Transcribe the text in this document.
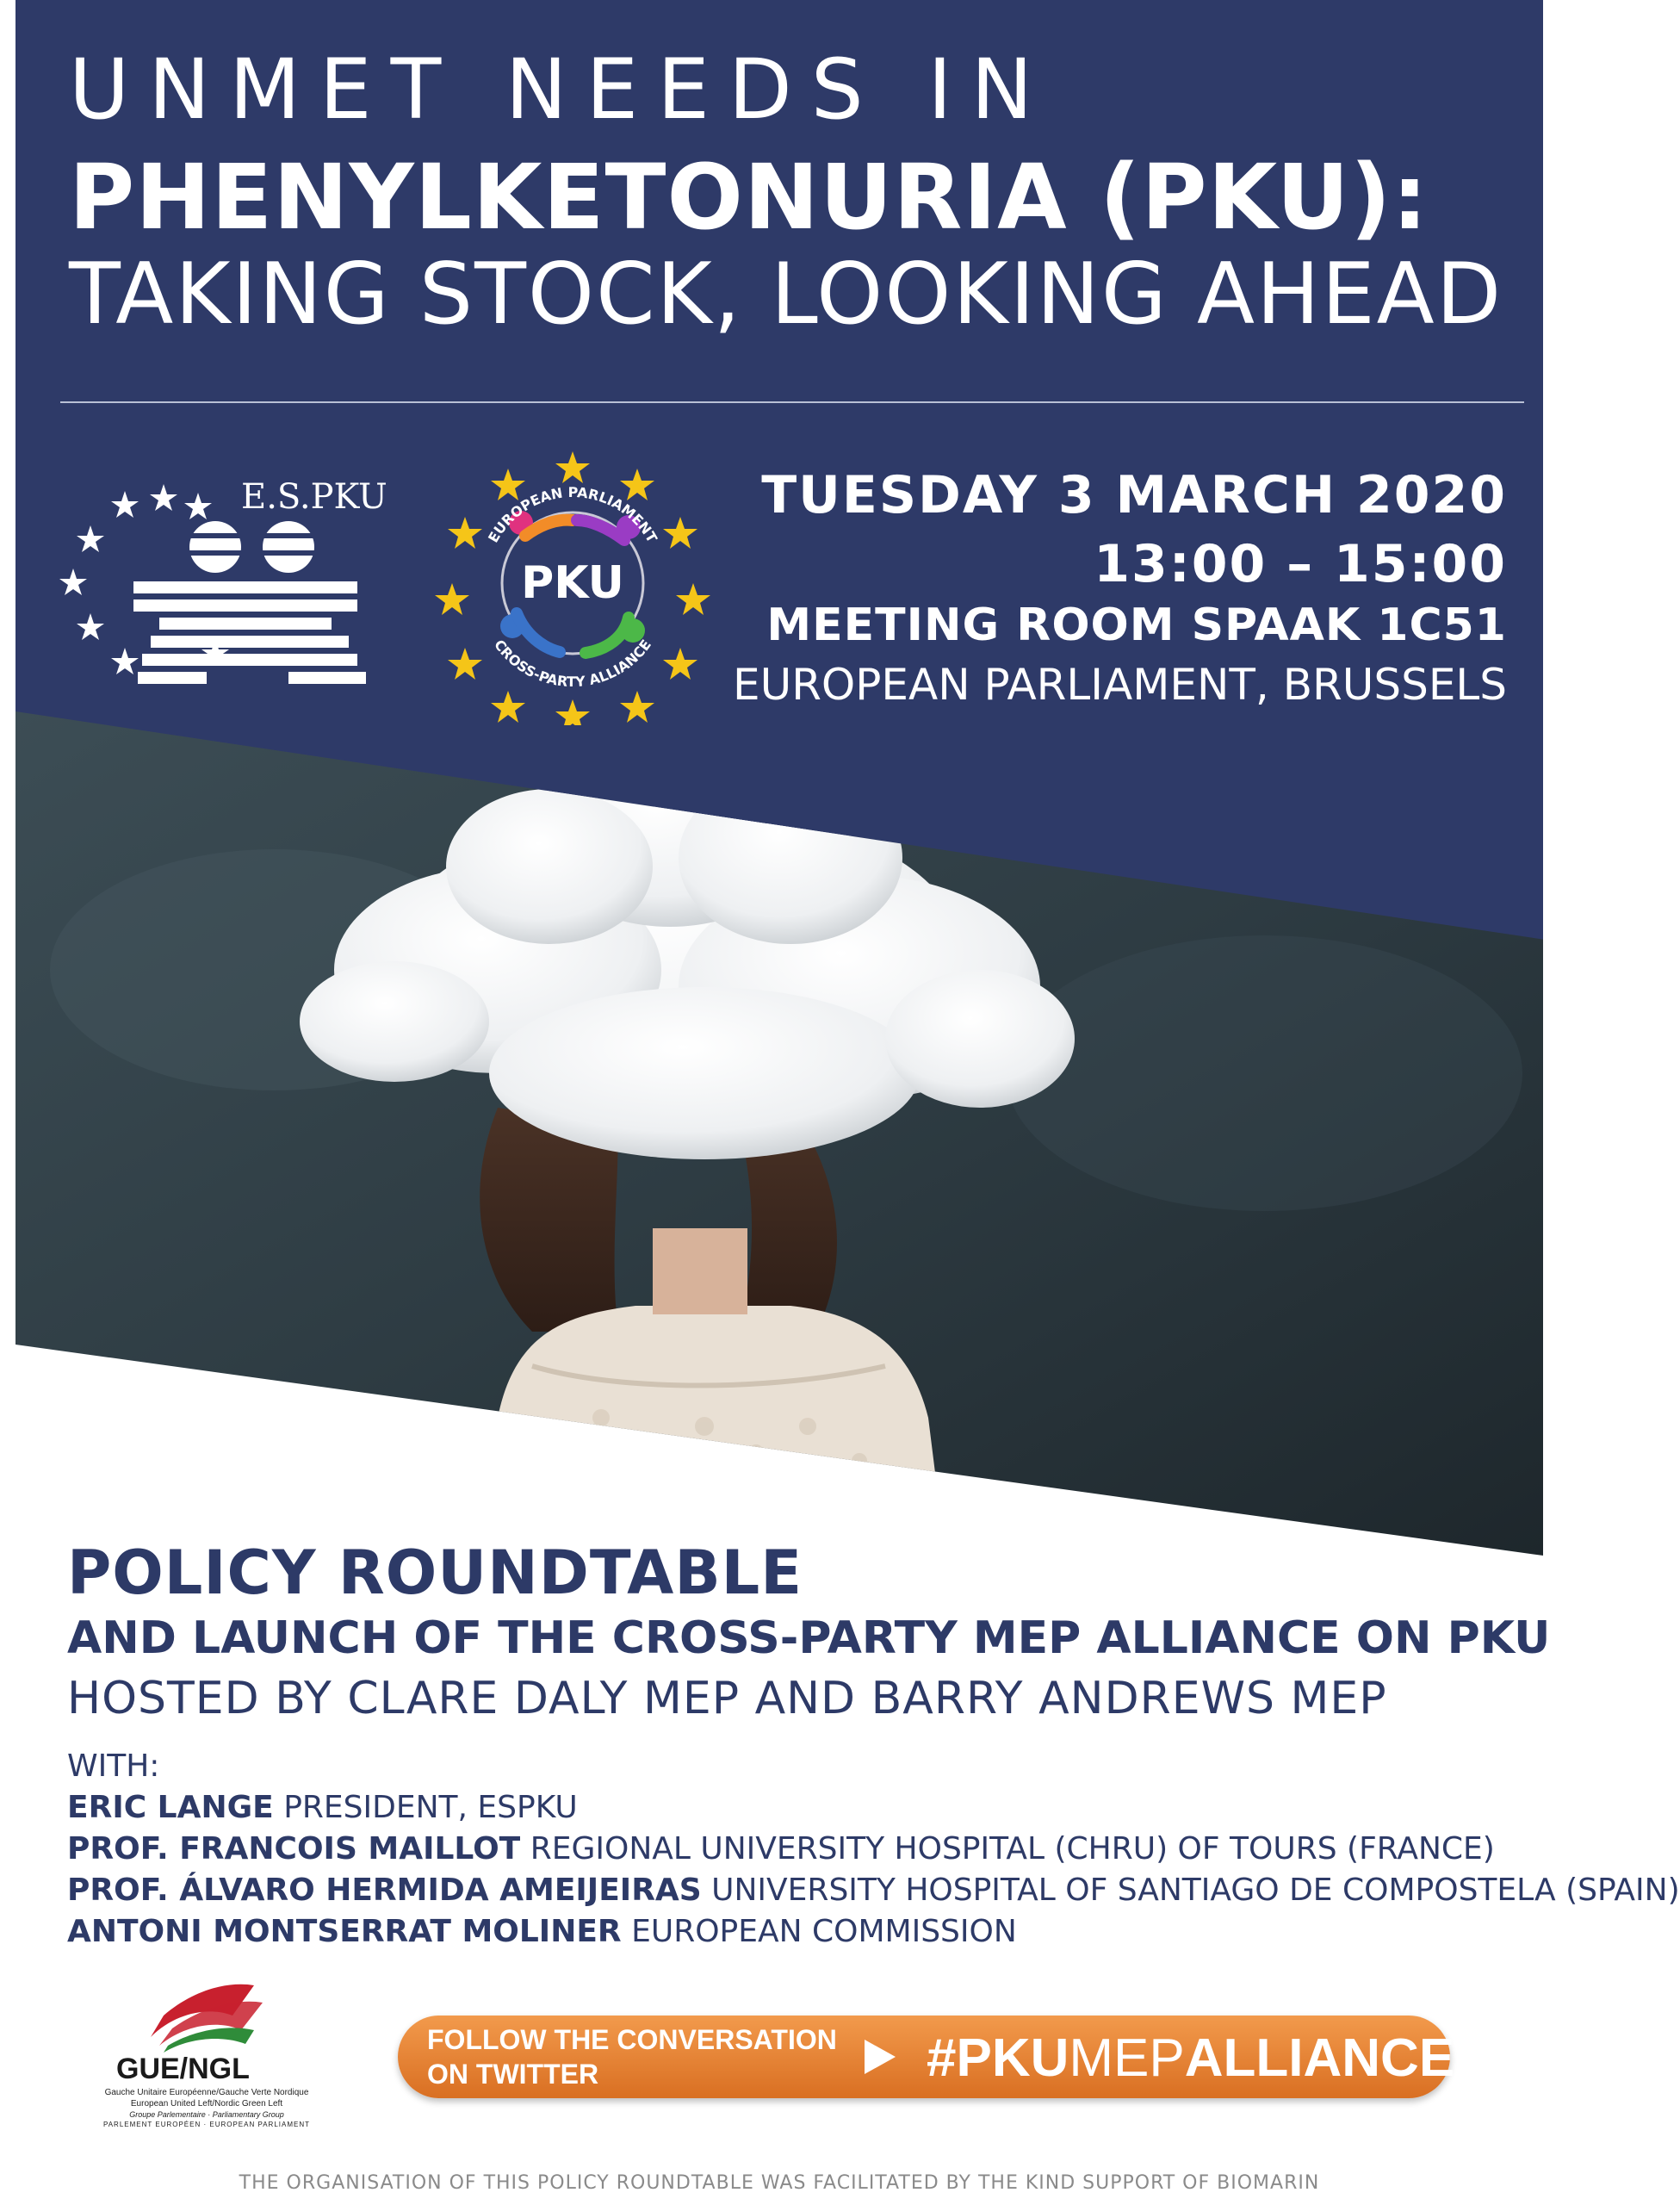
UNMET NEEDS IN
PHENYLKETONURIA (PKU):
TAKING STOCK, LOOKING AHEAD
E.S.PKU
PKU
EUROPEAN PARLIAMENT
CROSS-PARTY ALLIANCE
TUESDAY 3 MARCH 2020
13:00 – 15:00
MEETING ROOM SPAAK 1C51
EUROPEAN PARLIAMENT, BRUSSELS
POLICY ROUNDTABLE
AND LAUNCH OF THE CROSS-PARTY MEP ALLIANCE ON PKU
HOSTED BY CLARE DALY MEP AND BARRY ANDREWS MEP
WITH:
ERIC LANGE PRESIDENT, ESPKU
PROF. FRANCOIS MAILLOT REGIONAL UNIVERSITY HOSPITAL (CHRU) OF TOURS (FRANCE)
PROF. ÁLVARO HERMIDA AMEIJEIRAS UNIVERSITY HOSPITAL OF SANTIAGO DE COMPOSTELA (SPAIN)
ANTONI MONTSERRAT MOLINER EUROPEAN COMMISSION
GUE/NGL
Gauche Unitaire Européenne/Gauche Verte Nordique
European United Left/Nordic Green Left
Groupe Parlementaire · Parliamentary Group
PARLEMENT EUROPÉEN · EUROPEAN PARLIAMENT
FOLLOW THE CONVERSATION
ON TWITTER	#PKUMEPALLIANCE
THE ORGANISATION OF THIS POLICY ROUNDTABLE WAS FACILITATED BY THE KIND SUPPORT OF BIOMARIN
